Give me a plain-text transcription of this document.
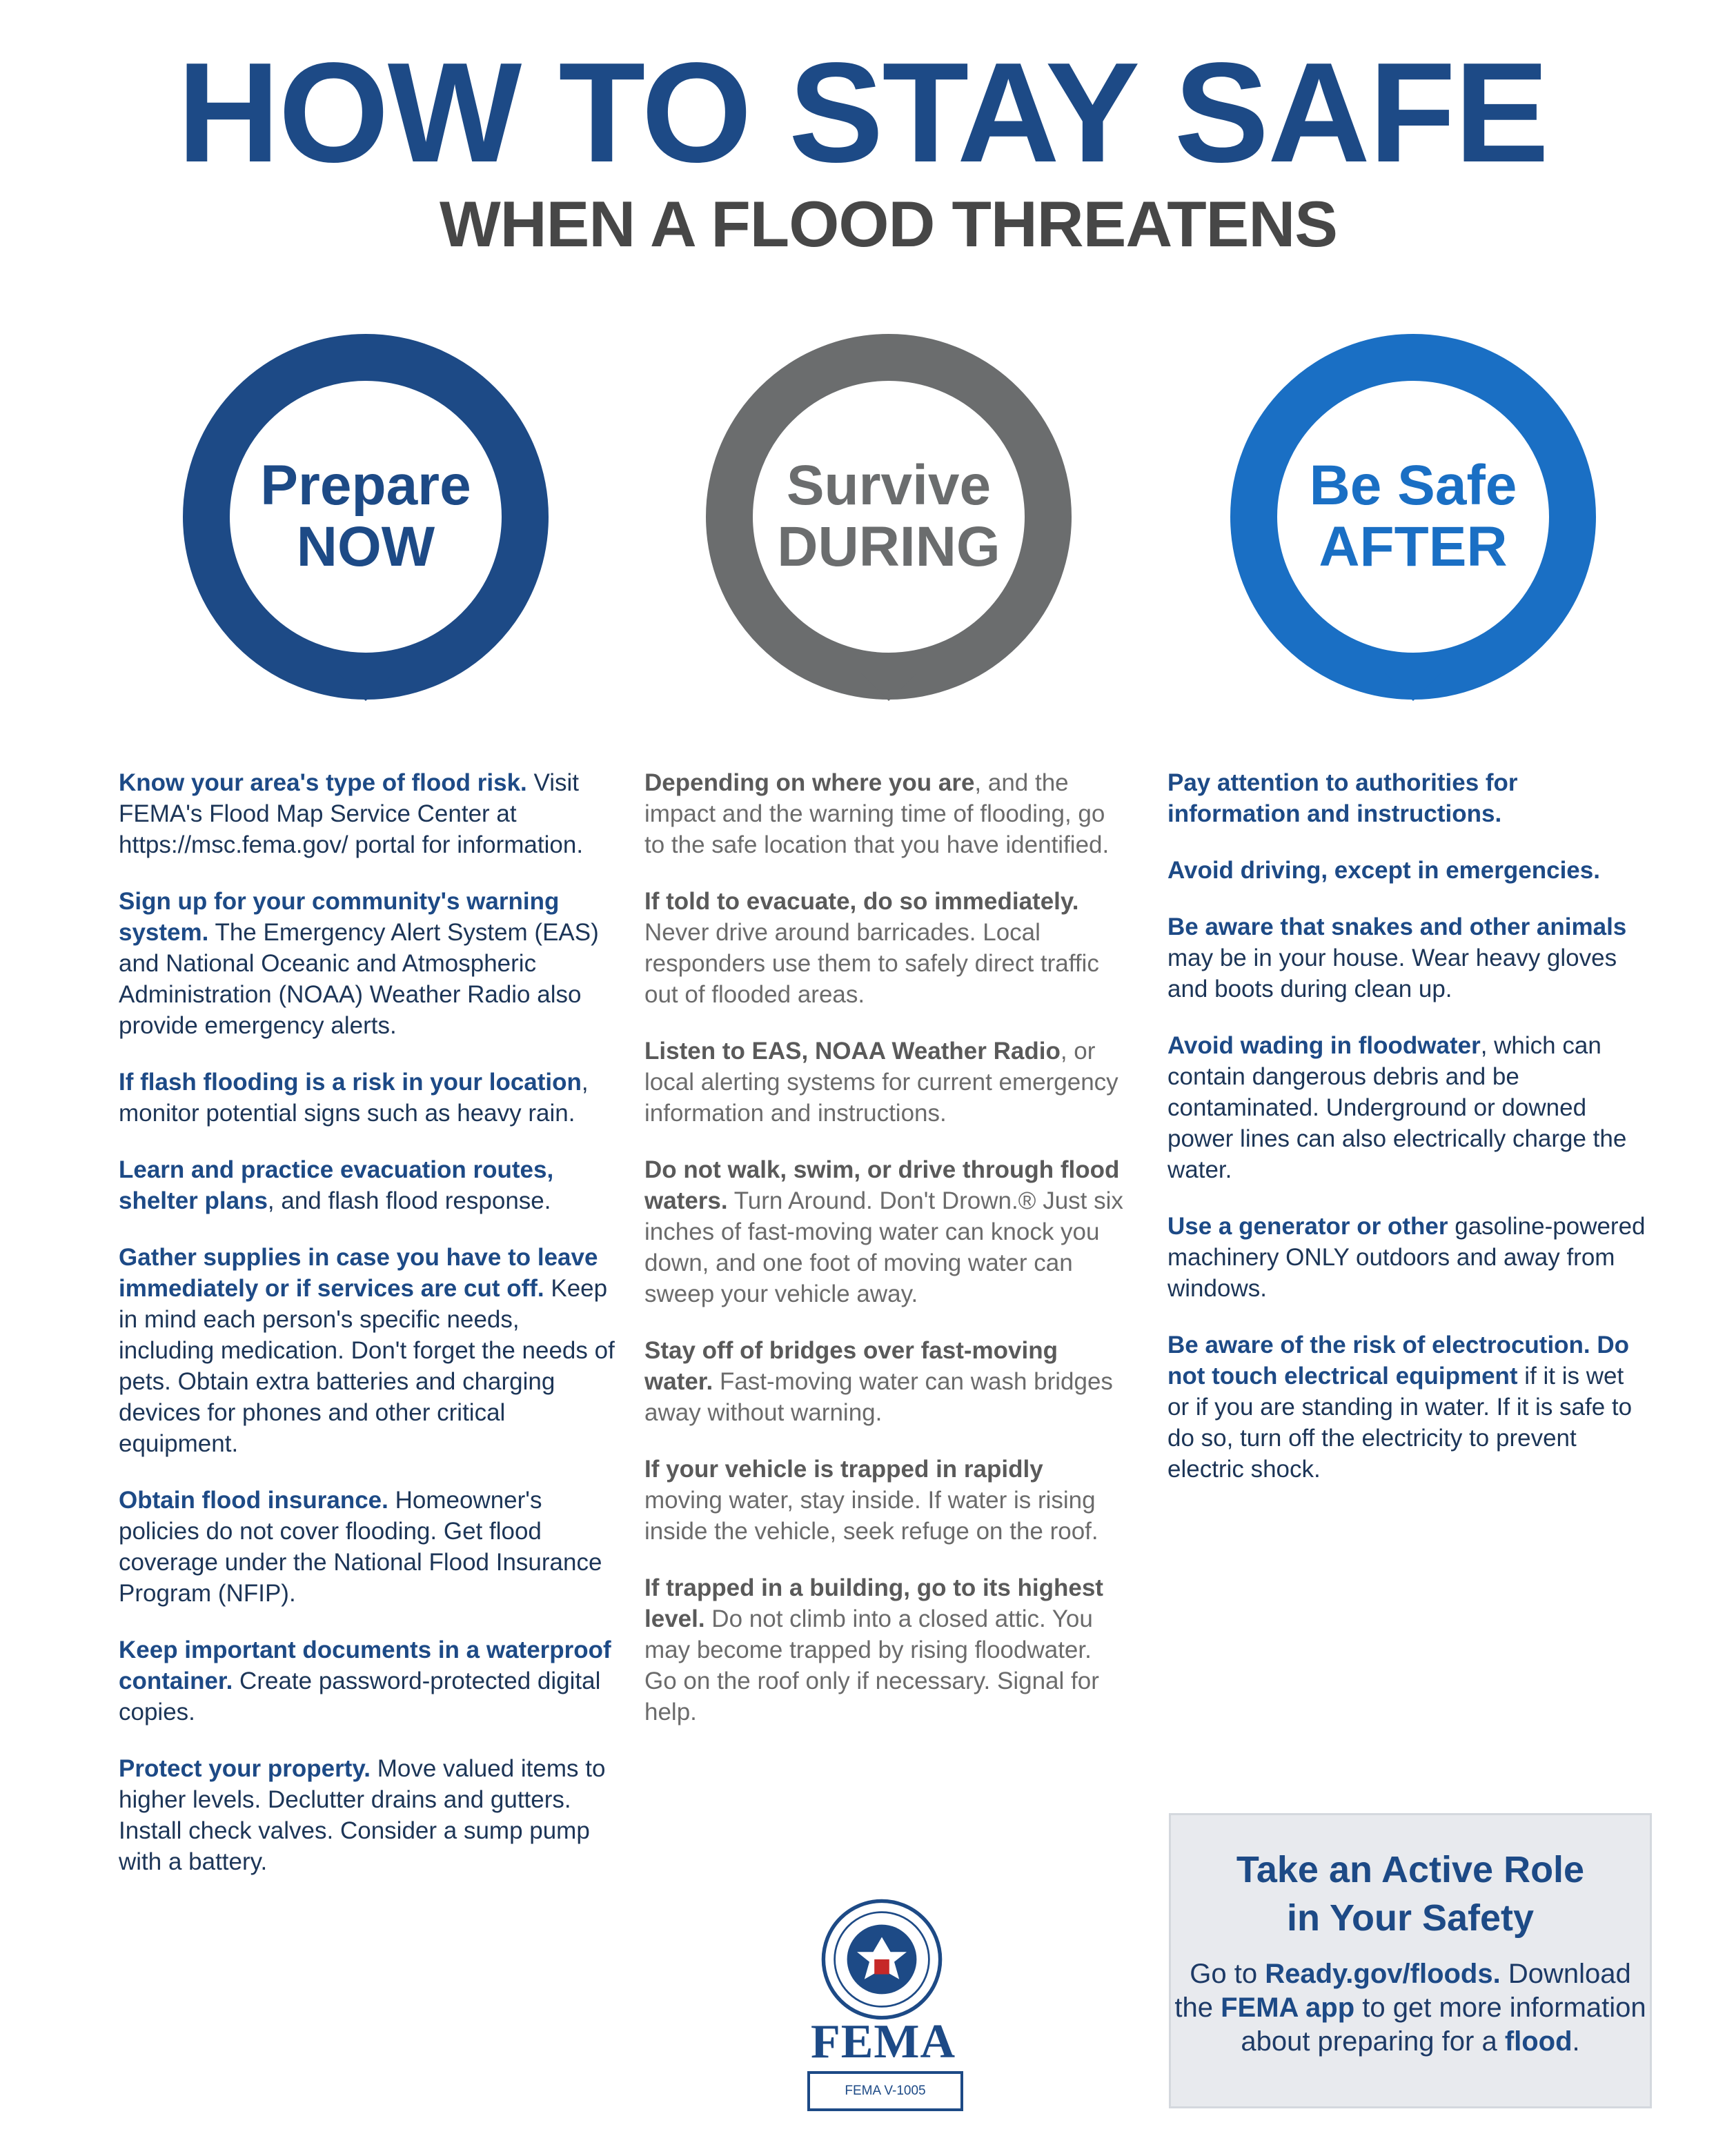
HOW TO STAY SAFE
WHEN A FLOOD THREATENS
Prepare
NOW
Survive
DURING
Be Safe
AFTER

Know your area's type of flood risk. Visit FEMA's Flood Map Service Center at https://msc.fema.gov/ portal for information.

Sign up for your community's warning system. The Emergency Alert System (EAS) and National Oceanic and Atmospheric Administration (NOAA) Weather Radio also provide emergency alerts.

If flash flooding is a risk in your location, monitor potential signs such as heavy rain.

Learn and practice evacuation routes, shelter plans, and flash flood response.

Gather supplies in case you have to leave immediately or if services are cut off. Keep in mind each person's specific needs, including medication. Don't forget the needs of pets. Obtain extra batteries and charging devices for phones and other critical equipment.

Obtain flood insurance. Homeowner's policies do not cover flooding. Get flood coverage under the National Flood Insurance Program (NFIP).

Keep important documents in a waterproof container. Create password-protected digital copies.

Protect your property. Move valued items to higher levels. Declutter drains and gutters. Install check valves. Consider a sump pump with a battery.

Depending on where you are, and the impact and the warning time of flooding, go to the safe location that you have identified.

If told to evacuate, do so immediately. Never drive around barricades. Local responders use them to safely direct traffic out of flooded areas.

Listen to EAS, NOAA Weather Radio, or local alerting systems for current emergency information and instructions.

Do not walk, swim, or drive through flood waters. Turn Around. Don't Drown.® Just six inches of fast-moving water can knock you down, and one foot of moving water can sweep your vehicle away.

Stay off of bridges over fast-moving water. Fast-moving water can wash bridges away without warning.

If your vehicle is trapped in rapidly moving water, stay inside. If water is rising inside the vehicle, seek refuge on the roof.

If trapped in a building, go to its highest level. Do not climb into a closed attic. You may become trapped by rising floodwater. Go on the roof only if necessary. Signal for help.

Pay attention to authorities for information and instructions.

Avoid driving, except in emergencies.

Be aware that snakes and other animals may be in your house. Wear heavy gloves and boots during clean up.

Avoid wading in floodwater, which can contain dangerous debris and be contaminated. Underground or downed power lines can also electrically charge the water.

Use a generator or other gasoline-powered machinery ONLY outdoors and away from windows.

Be aware of the risk of electrocution. Do not touch electrical equipment if it is wet or if you are standing in water. If it is safe to do so, turn off the electricity to prevent electric shock.

Take an Active Role
in Your Safety
Go to Ready.gov/floods. Download the FEMA app to get more information about preparing for a flood.
FEMA
FEMA V-1005
